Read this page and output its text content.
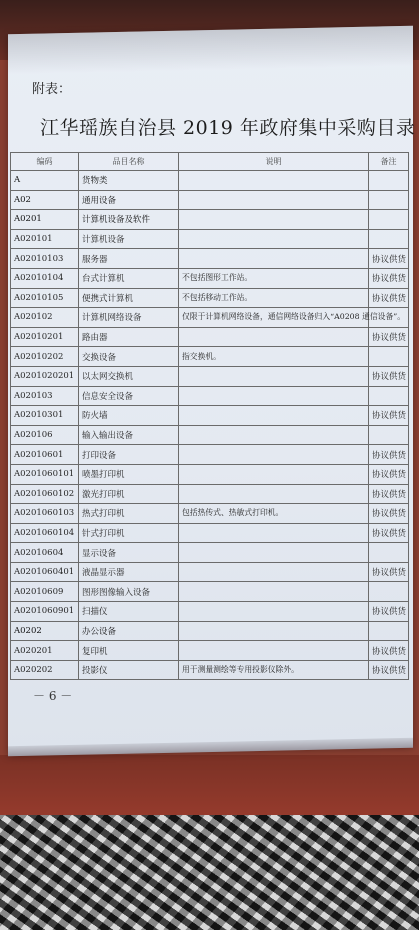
附表：
江华瑶族自治县 2019 年政府集中采购目录
编码	品目名称	说明	备注
A	货物类		
A02	通用设备		
A0201	计算机设备及软件		
A020101	计算机设备		
A02010103	服务器		协议供货
A02010104	台式计算机	不包括图形工作站。	协议供货
A02010105	便携式计算机	不包括移动工作站。	协议供货
A020102	计算机网络设备	仅限于计算机网络设备，通信网络设备归入“A0208 通信设备”。	
A02010201	路由器		协议供货
A02010202	交换设备	指交换机。	
A0201020201	以太网交换机		协议供货
A020103	信息安全设备		
A02010301	防火墙		协议供货
A020106	输入输出设备		
A02010601	打印设备		协议供货
A0201060101	喷墨打印机		协议供货
A0201060102	激光打印机		协议供货
A0201060103	热式打印机	包括热传式、热敏式打印机。	协议供货
A0201060104	针式打印机		协议供货
A02010604	显示设备		
A0201060401	液晶显示器		协议供货
A02010609	图形图像输入设备		
A0201060901	扫描仪		协议供货
A0202	办公设备		
A020201	复印机		协议供货
A020202	投影仪	用于测量测绘等专用投影仪除外。	协议供货
－ 6 －
